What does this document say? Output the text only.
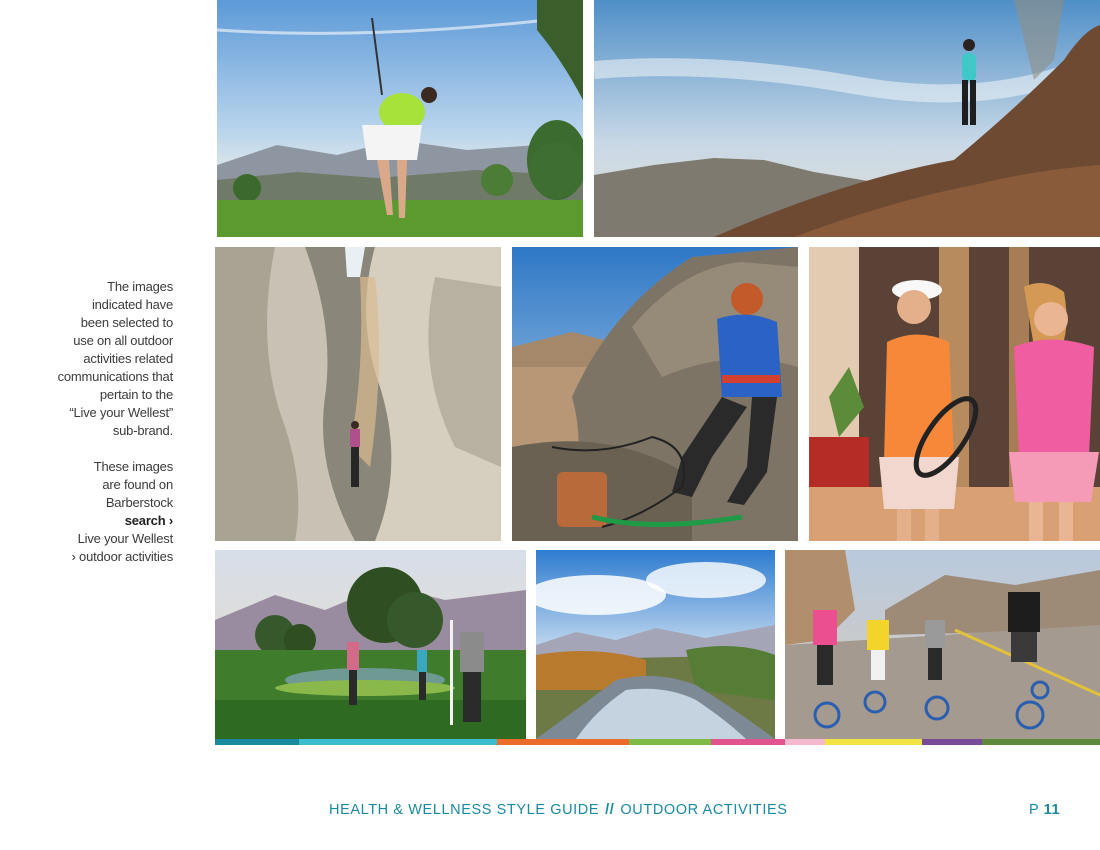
The images

indicated have

been selected to

use on all outdoor

activities related

communications that

pertain to the

“Live your Wellest”

sub-brand.

These images

are found on

Barberstock

search ›

Live your Wellest

› outdoor activities

HEALTH & WELLNESS STYLE GUIDE // OUTDOOR ACTIVITIES	P 11
